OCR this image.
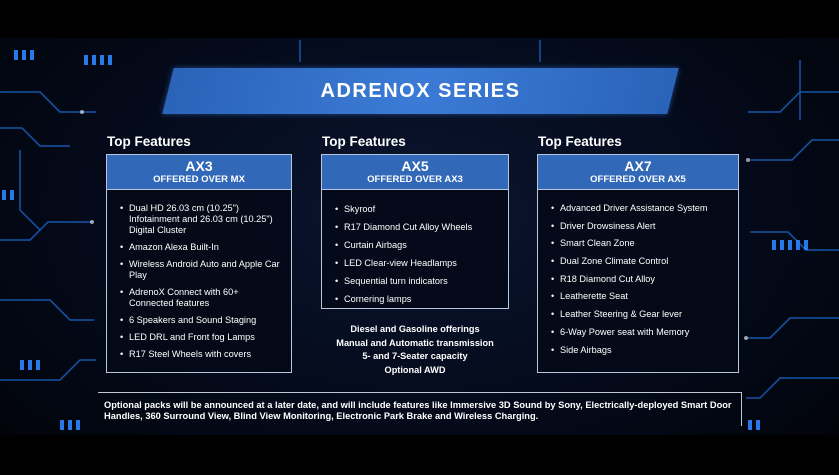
ADRENOX SERIES
Top Features	Top Features	Top Features
AX3
OFFERED OVER MX
• Dual HD 26.03 cm (10.25") Infotainment and 26.03 cm (10.25") Digital Cluster
• Amazon Alexa Built-In
• Wireless Android Auto and Apple Car Play
• AdrenoX Connect with 60+ Connected features
• 6 Speakers and Sound Staging
• LED DRL and Front fog Lamps
• R17 Steel Wheels with covers
AX5
OFFERED OVER AX3
• Skyroof
• R17 Diamond Cut Alloy Wheels
• Curtain Airbags
• LED Clear-view Headlamps
• Sequential turn indicators
• Cornering lamps
AX7
OFFERED OVER AX5
• Advanced Driver Assistance System
• Driver Drowsiness Alert
• Smart Clean Zone
• Dual Zone Climate Control
• R18 Diamond Cut Alloy
• Leatherette Seat
• Leather Steering & Gear lever
• 6-Way Power seat with Memory
• Side Airbags
Diesel and Gasoline offerings
Manual and Automatic transmission
5- and 7-Seater capacity
Optional AWD
Optional packs will be announced at a later date, and will include features like Immersive 3D Sound by Sony, Electrically-deployed Smart Door Handles, 360 Surround View, Blind View Monitoring, Electronic Park Brake and Wireless Charging.
